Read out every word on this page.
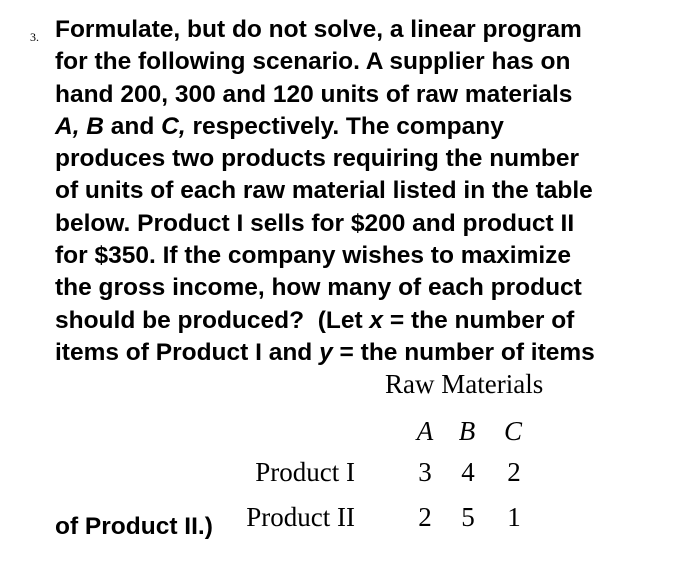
3. Formulate, but do not solve, a linear program
for the following scenario. A supplier has on
hand 200, 300 and 120 units of raw materials
A, B and C, respectively. The company
produces two products requiring the number
of units of each raw material listed in the table
below. Product I sells for $200 and product II
for $350. If the company wishes to maximize
the gross income, how many of each product
should be produced?  (Let x = the number of
items of Product I and y = the number of items
of Product II.)
Raw Materials
A B C
Product I	3	4	2
Product II	2	5	1
